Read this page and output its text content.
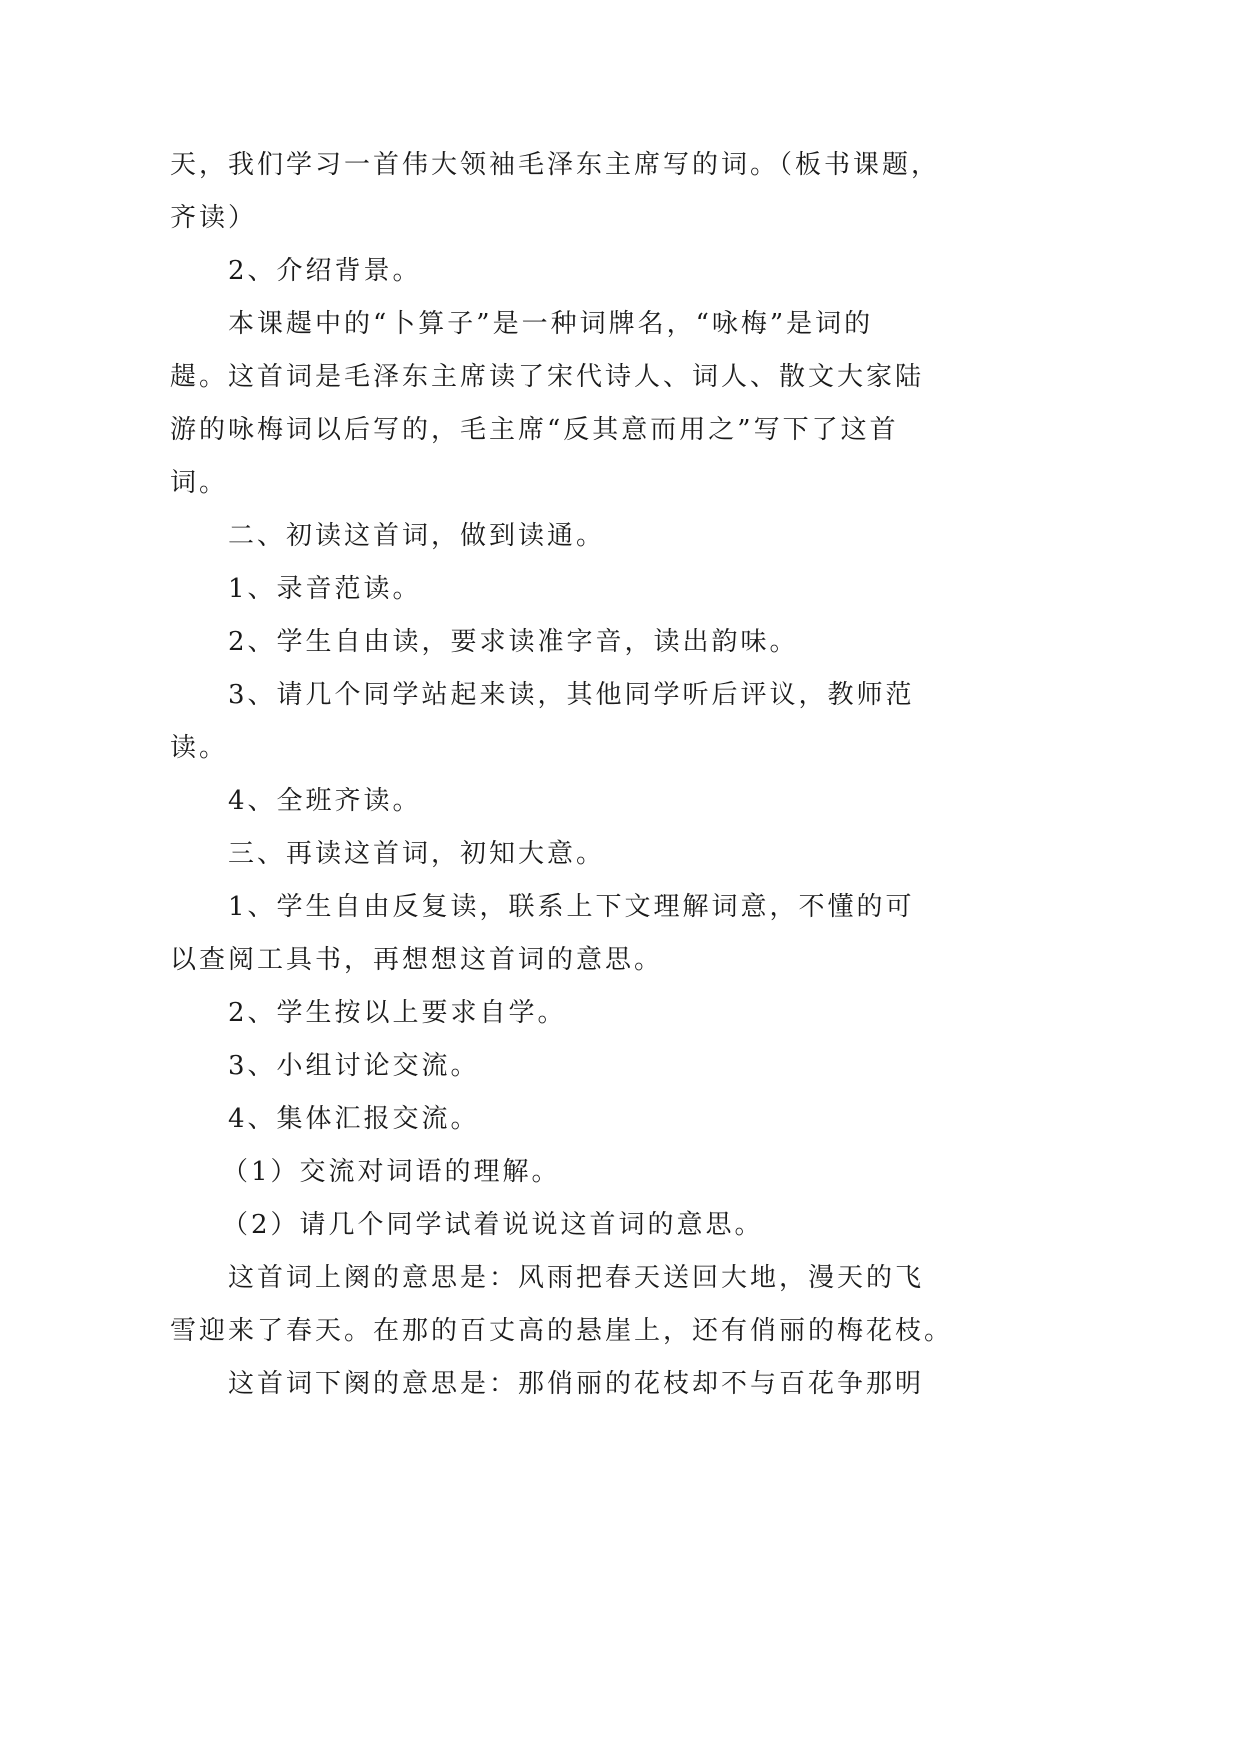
天，我们学习一首伟大领袖毛泽东主席写的词。（板书课题，
齐读）
2、介绍背景。
本课趧中的“卜算子”是一种词牌名，“咏梅”是词的
趧。这首词是毛泽东主席读了宋代诗人、词人、散文大家陆
游的咏梅词以后写的，毛主席“反其意而用之”写下了这首
词。
二、初读这首词，做到读通。
1、录音范读。
2、学生自由读，要求读准字音，读出韵味。
3、请几个同学站起来读，其他同学听后评议，教师范
读。
4、全班齐读。
三、再读这首词，初知大意。
1、学生自由反复读，联系上下文理解词意，不懂的可
以查阅工具书，再想想这首词的意思。
2、学生按以上要求自学。
3、小组讨论交流。
4、集体汇报交流。
（1）交流对词语的理解。
（2）请几个同学试着说说这首词的意思。
这首词上阕的意思是：风雨把春天送回大地，漫天的飞
雪迎来了春天。在那的百丈高的悬崖上，还有俏丽的梅花枝。
这首词下阕的意思是：那俏丽的花枝却不与百花争那明
